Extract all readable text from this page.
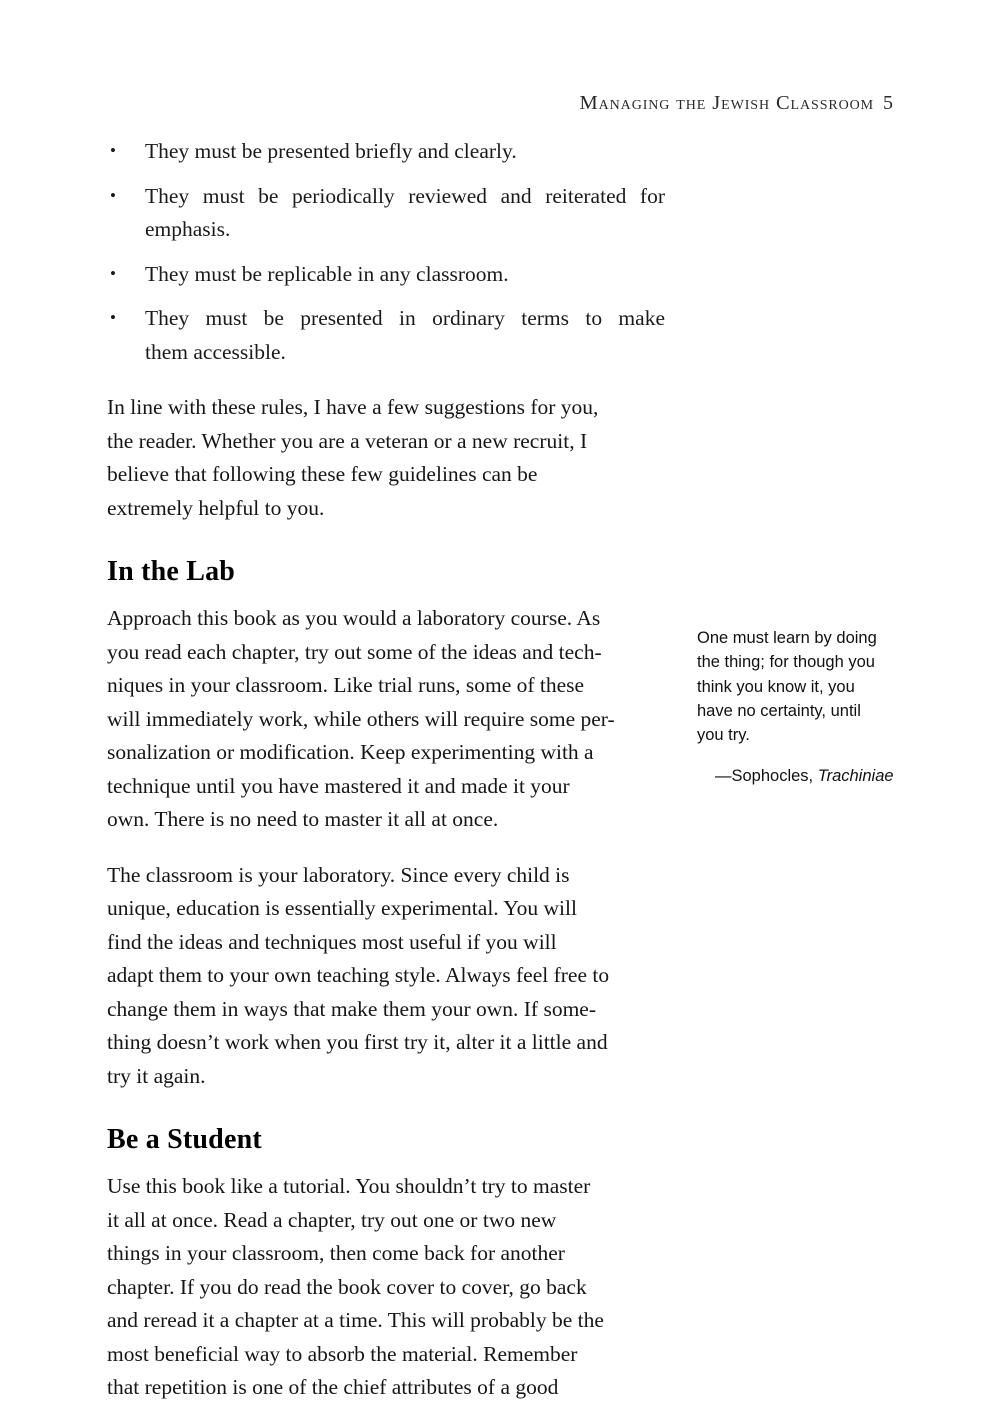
Managing the Jewish Classroom 5
• They must be presented briefly and clearly.
• They must be periodically reviewed and reiterated for
emphasis.
• They must be replicable in any classroom.
• They must be presented in ordinary terms to make
them accessible.

In line with these rules, I have a few suggestions for you,
the reader. Whether you are a veteran or a new recruit, I
believe that following these few guidelines can be
extremely helpful to you.

In the Lab

Approach this book as you would a laboratory course. As
you read each chapter, try out some of the ideas and tech-
niques in your classroom. Like trial runs, some of these
will immediately work, while others will require some per-
sonalization or modification. Keep experimenting with a
technique until you have mastered it and made it your
own. There is no need to master it all at once.

The classroom is your laboratory. Since every child is
unique, education is essentially experimental. You will
find the ideas and techniques most useful if you will
adapt them to your own teaching style. Always feel free to
change them in ways that make them your own. If some-
thing doesn’t work when you first try it, alter it a little and
try it again.

Be a Student

Use this book like a tutorial. You shouldn’t try to master
it all at once. Read a chapter, try out one or two new
things in your classroom, then come back for another
chapter. If you do read the book cover to cover, go back
and reread it a chapter at a time. This will probably be the
most beneficial way to absorb the material. Remember
that repetition is one of the chief attributes of a good

One must learn by doing
the thing; for though you
think you know it, you
have no certainty, until
you try.
—Sophocles, Trachiniae
